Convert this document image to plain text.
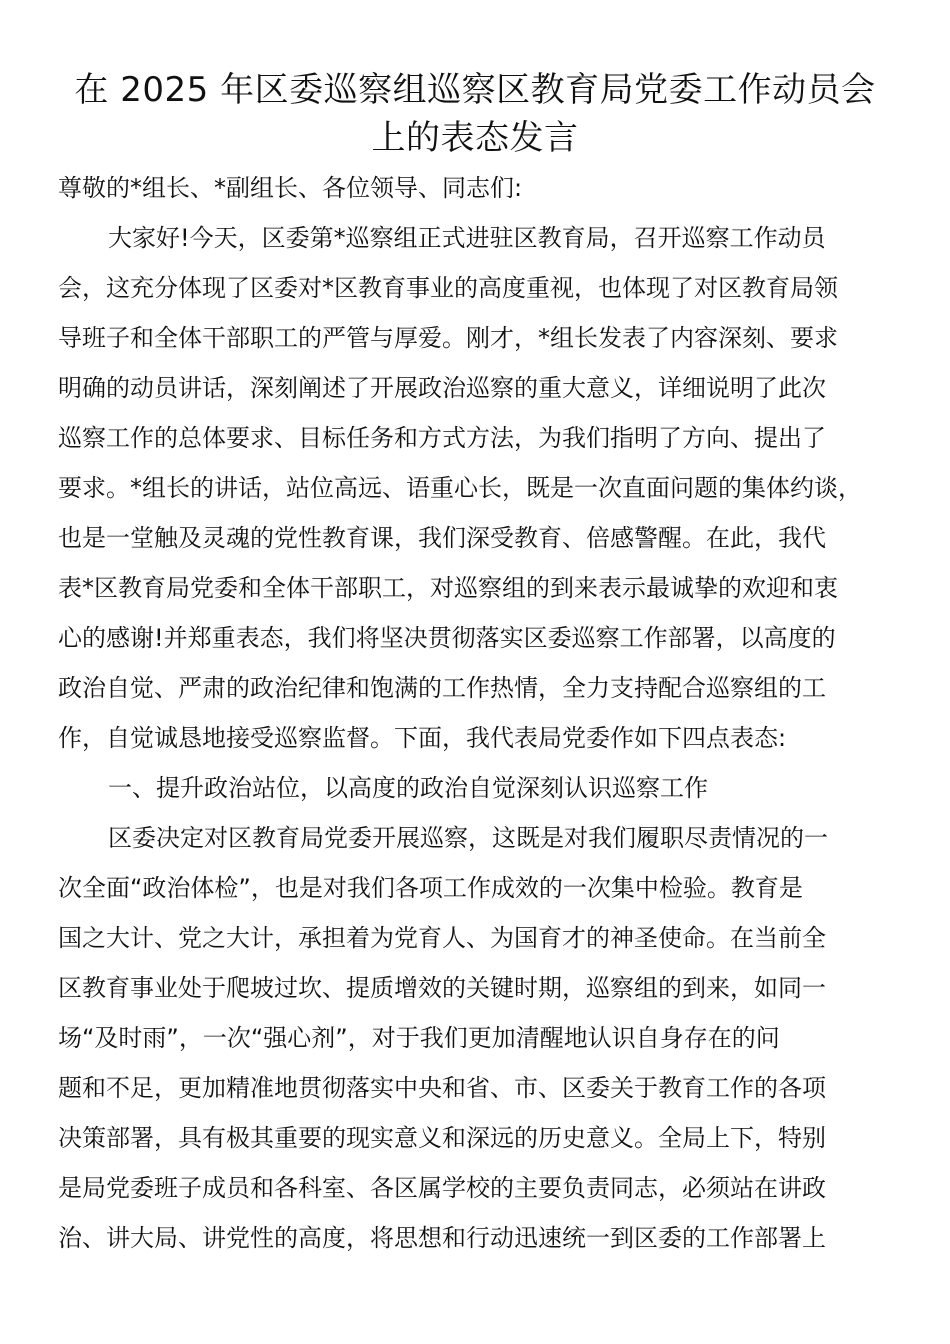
在 2025 年区委巡察组巡察区教育局党委工作动员会
上的表态发言
尊敬的*组长、*副组长、各位领导、同志们:
大家好!今天，区委第*巡察组正式进驻区教育局，召开巡察工作动员
会，这充分体现了区委对*区教育事业的高度重视，也体现了对区教育局领
导班子和全体干部职工的严管与厚爱。刚才，*组长发表了内容深刻、要求
明确的动员讲话，深刻阐述了开展政治巡察的重大意义，详细说明了此次
巡察工作的总体要求、目标任务和方式方法，为我们指明了方向、提出了
要求。*组长的讲话，站位高远、语重心长，既是一次直面问题的集体约谈，
也是一堂触及灵魂的党性教育课，我们深受教育、倍感警醒。在此，我代
表*区教育局党委和全体干部职工，对巡察组的到来表示最诚挚的欢迎和衷
心的感谢!并郑重表态，我们将坚决贯彻落实区委巡察工作部署，以高度的
政治自觉、严肃的政治纪律和饱满的工作热情，全力支持配合巡察组的工
作，自觉诚恳地接受巡察监督。下面，我代表局党委作如下四点表态:
一、提升政治站位，以高度的政治自觉深刻认识巡察工作
区委决定对区教育局党委开展巡察，这既是对我们履职尽责情况的一
次全面“政治体检”，也是对我们各项工作成效的一次集中检验。教育是
国之大计、党之大计，承担着为党育人、为国育才的神圣使命。在当前全
区教育事业处于爬坡过坎、提质增效的关键时期，巡察组的到来，如同一
场“及时雨”，一次“强心剂”，对于我们更加清醒地认识自身存在的问
题和不足，更加精准地贯彻落实中央和省、市、区委关于教育工作的各项
决策部署，具有极其重要的现实意义和深远的历史意义。全局上下，特别
是局党委班子成员和各科室、各区属学校的主要负责同志，必须站在讲政
治、讲大局、讲党性的高度，将思想和行动迅速统一到区委的工作部署上
